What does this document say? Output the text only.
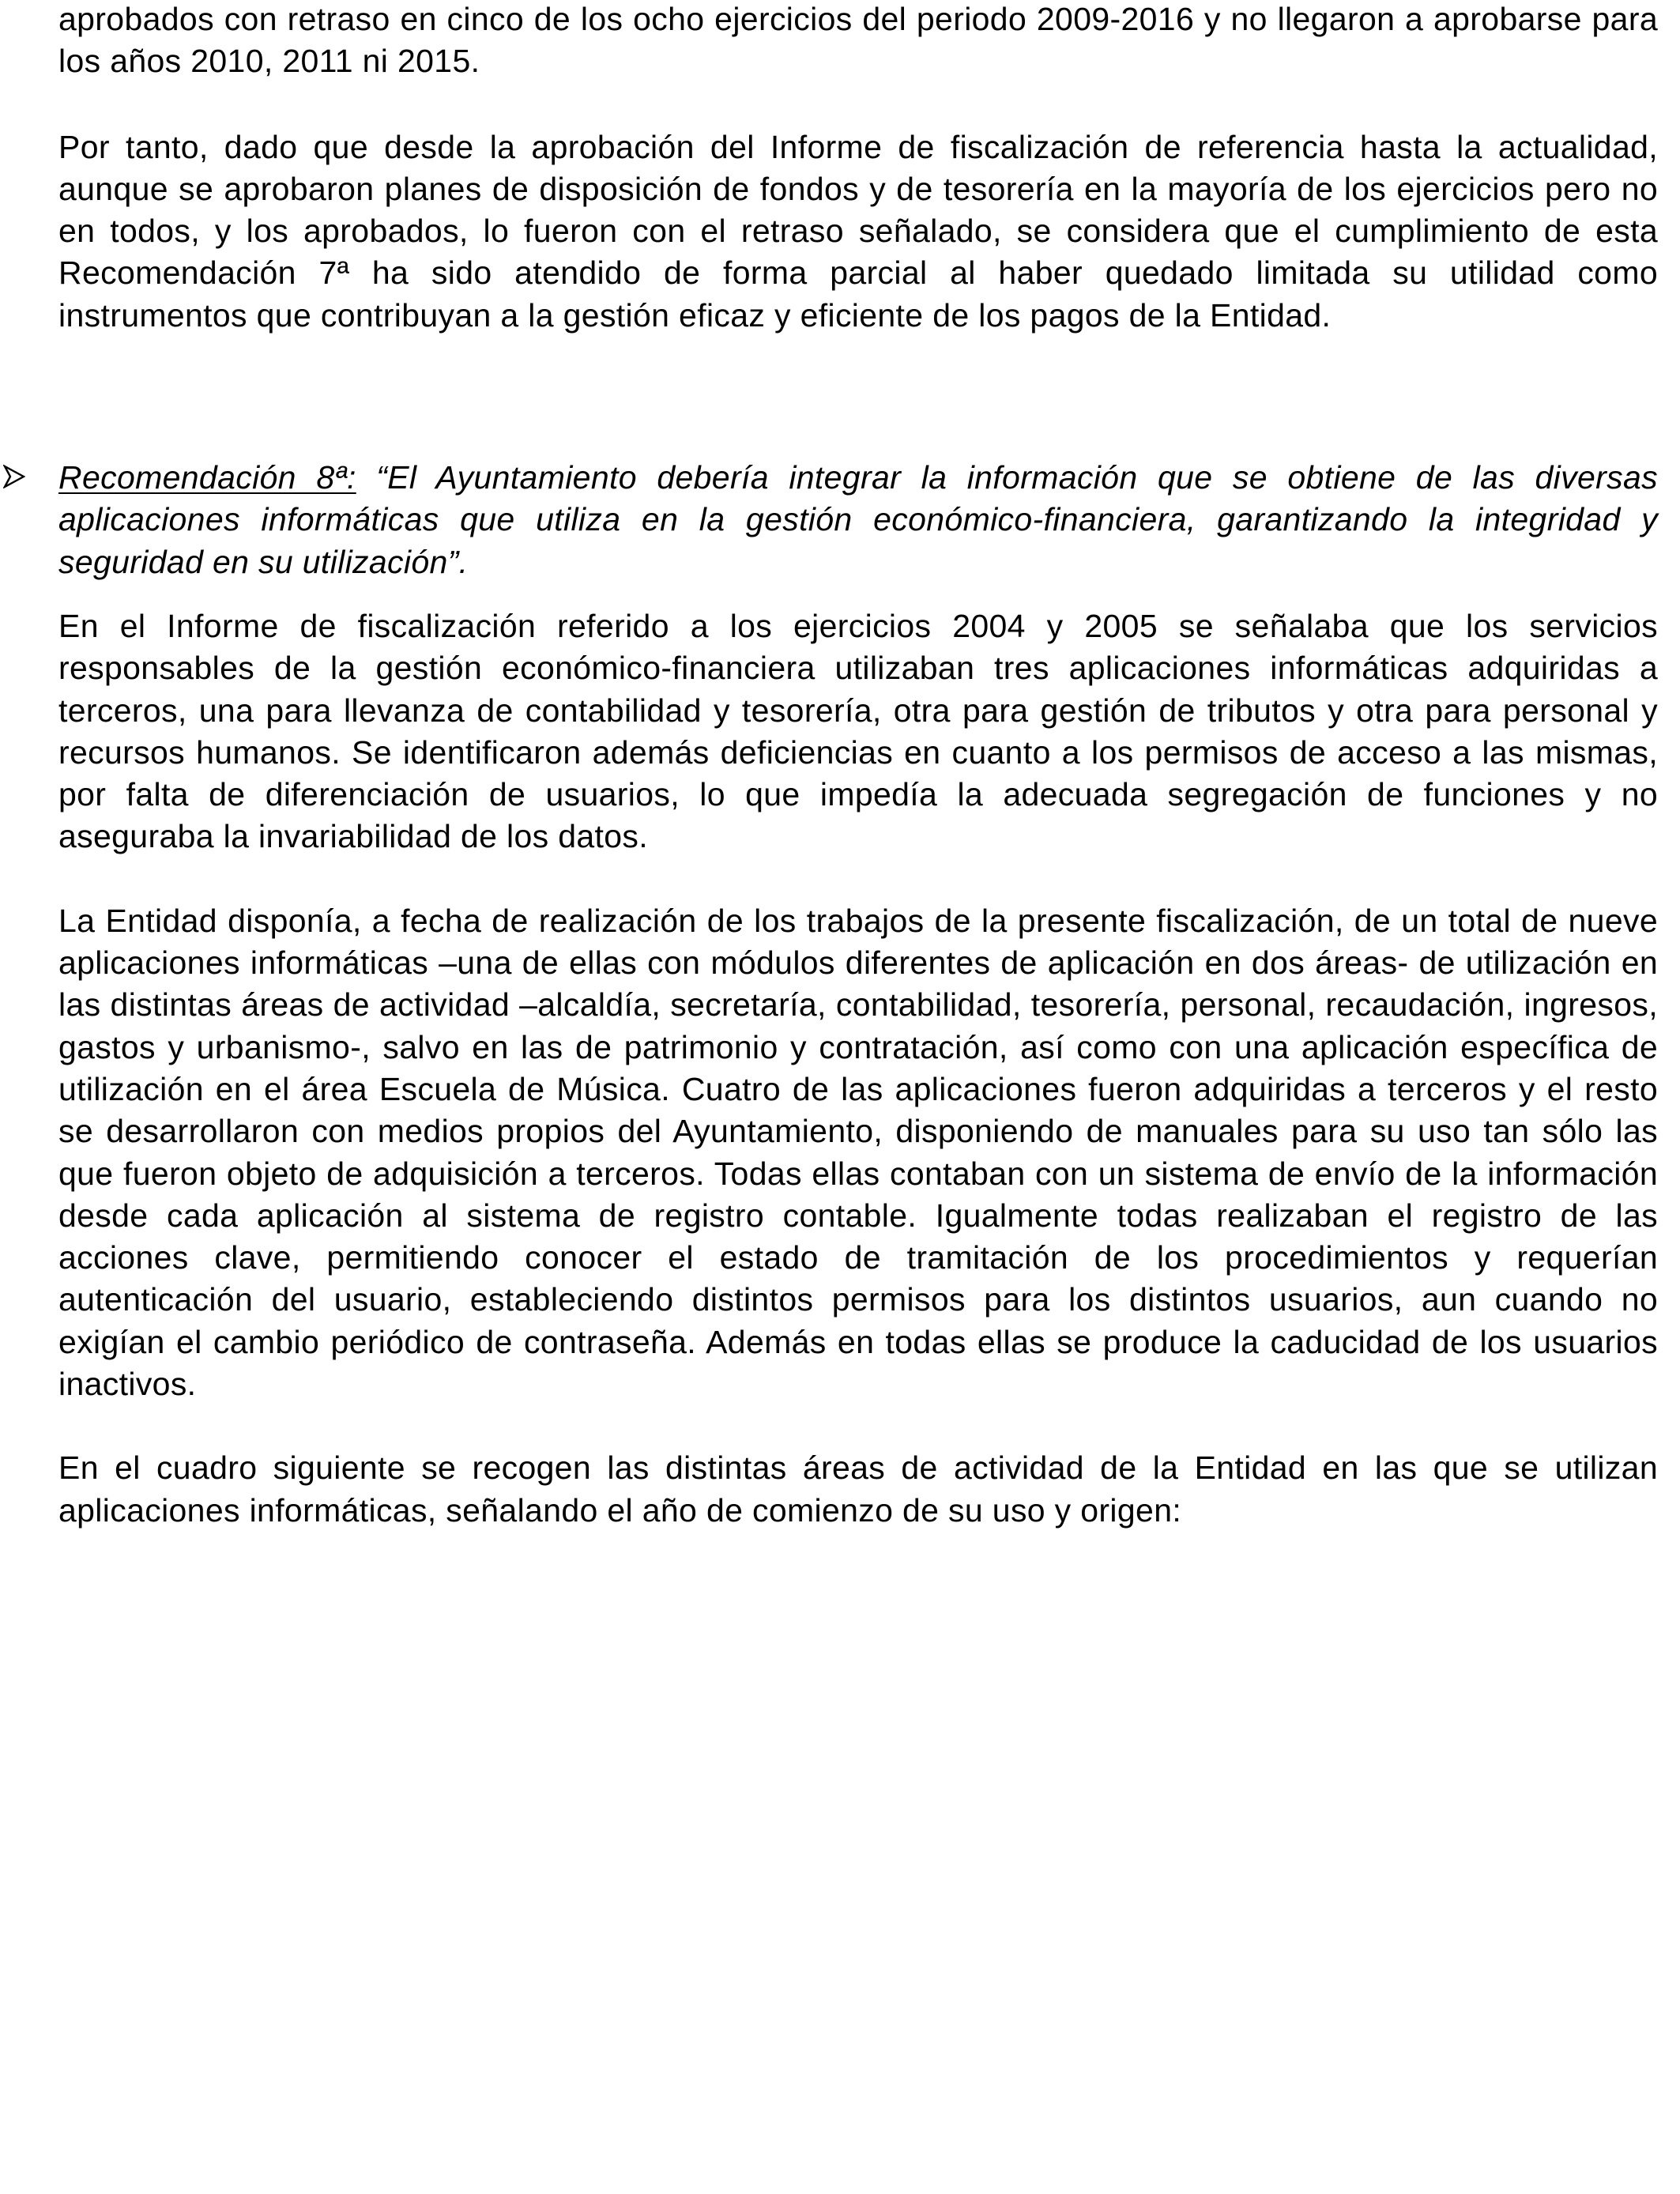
aprobados con retraso en cinco de los ocho ejercicios del periodo 2009-2016 y no llegaron a aprobarse para los años 2010, 2011 ni 2015.

Por tanto, dado que desde la aprobación del Informe de fiscalización de referencia hasta la actualidad, aunque se aprobaron planes de disposición de fondos y de tesorería en la mayoría de los ejercicios pero no en todos, y los aprobados, lo fueron con el retraso señalado, se considera que el cumplimiento de esta Recomendación 7ª ha sido atendido de forma parcial al haber quedado limitada su utilidad como instrumentos que contribuyan a la gestión eficaz y eficiente de los pagos de la Entidad.

Recomendación 8ª: “El Ayuntamiento debería integrar la información que se obtiene de las diversas aplicaciones informáticas que utiliza en la gestión económico-financiera, garantizando la integridad y seguridad en su utilización”.

En el Informe de fiscalización referido a los ejercicios 2004 y 2005 se señalaba que los servicios responsables de la gestión económico-financiera utilizaban tres aplicaciones informáticas adquiridas a terceros, una para llevanza de contabilidad y tesorería, otra para gestión de tributos y otra para personal y recursos humanos. Se identificaron además deficiencias en cuanto a los permisos de acceso a las mismas, por falta de diferenciación de usuarios, lo que impedía la adecuada segregación de funciones y no aseguraba la invariabilidad de los datos.

La Entidad disponía, a fecha de realización de los trabajos de la presente fiscalización, de un total de nueve aplicaciones informáticas –una de ellas con módulos diferentes de aplicación en dos áreas- de utilización en las distintas áreas de actividad –alcaldía, secretaría, contabilidad, tesorería, personal, recaudación, ingresos, gastos y urbanismo-, salvo en las de patrimonio y contratación, así como con una aplicación específica de utilización en el área Escuela de Música. Cuatro de las aplicaciones fueron adquiridas a terceros y el resto se desarrollaron con medios propios del Ayuntamiento, disponiendo de manuales para su uso tan sólo las que fueron objeto de adquisición a terceros. Todas ellas contaban con un sistema de envío de la información desde cada aplicación al sistema de registro contable. Igualmente todas realizaban el registro de las acciones clave, permitiendo conocer el estado de tramitación de los procedimientos y requerían autenticación del usuario, estableciendo distintos permisos para los distintos usuarios, aun cuando no exigían el cambio periódico de contraseña. Además en todas ellas se produce la caducidad de los usuarios inactivos.

En el cuadro siguiente se recogen las distintas áreas de actividad de la Entidad en las que se utilizan aplicaciones informáticas, señalando el año de comienzo de su uso y origen:
